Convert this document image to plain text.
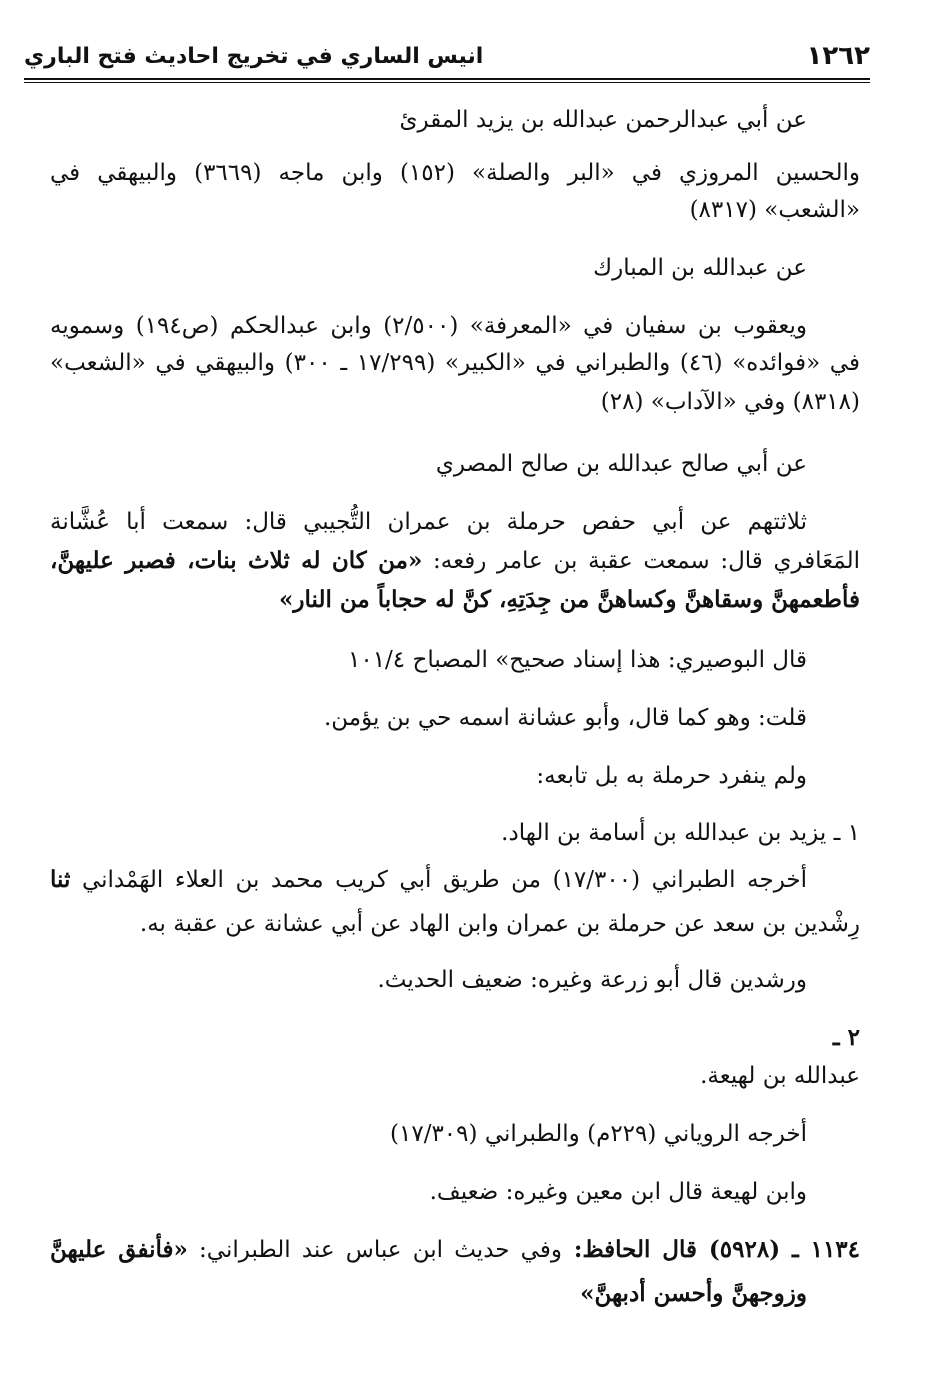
١٢٦٢
انيس الساري في تخريج احاديث فتح الباري
عن أبي عبدالرحمن عبدالله بن يزيد المقرئ
والحسين المروزي في «البر والصلة» (١٥٢) وابن ماجه (٣٦٦٩) والبيهقي في
«الشعب» (٨٣١٧)
عن عبدالله بن المبارك
ويعقوب بن سفيان في «المعرفة» (٢/٥٠٠) وابن عبدالحكم (ص١٩٤) وسمويه
في «فوائده» (٤٦) والطبراني في «الكبير» (١٧/٢٩٩ ـ ٣٠٠) والبيهقي في «الشعب»
(٨٣١٨) وفي «الآداب» (٢٨)
عن أبي صالح عبدالله بن صالح المصري
ثلاثتهم عن أبي حفص حرملة بن عمران التُّجيبي قال: سمعت أبا عُشَّانة
المَعَافري قال: سمعت عقبة بن عامر رفعه: «من كان له ثلاث بنات، فصبر عليهنَّ،
فأطعمهنَّ وسقاهنَّ وكساهنَّ من جِدَتِهِ، كنَّ له حجاباً من النار»
قال البوصيري: هذا إسناد صحيح» المصباح ١٠١/٤
قلت: وهو كما قال، وأبو عشانة اسمه حي بن يؤمن.
ولم ينفرد حرملة به بل تابعه:
١ ـ يزيد بن عبدالله بن أسامة بن الهاد.
أخرجه الطبراني (١٧/٣٠٠) من طريق أبي كريب محمد بن العلاء الهَمْداني ثنا
رِشْدين بن سعد عن حرملة بن عمران وابن الهاد عن أبي عشانة عن عقبة به.
ورشدين قال أبو زرعة وغيره: ضعيف الحديث.
٢ ـ
عبدالله بن لهيعة.
أخرجه الروياني (٢٢٩م) والطبراني (١٧/٣٠٩)
وابن لهيعة قال ابن معين وغيره: ضعيف.
١١٣٤ ـ (٥٩٢٨) قال الحافظ: وفي حديث ابن عباس عند الطبراني: «فأنفق عليهنَّ
وزوجهنَّ وأحسن أدبهنَّ»
